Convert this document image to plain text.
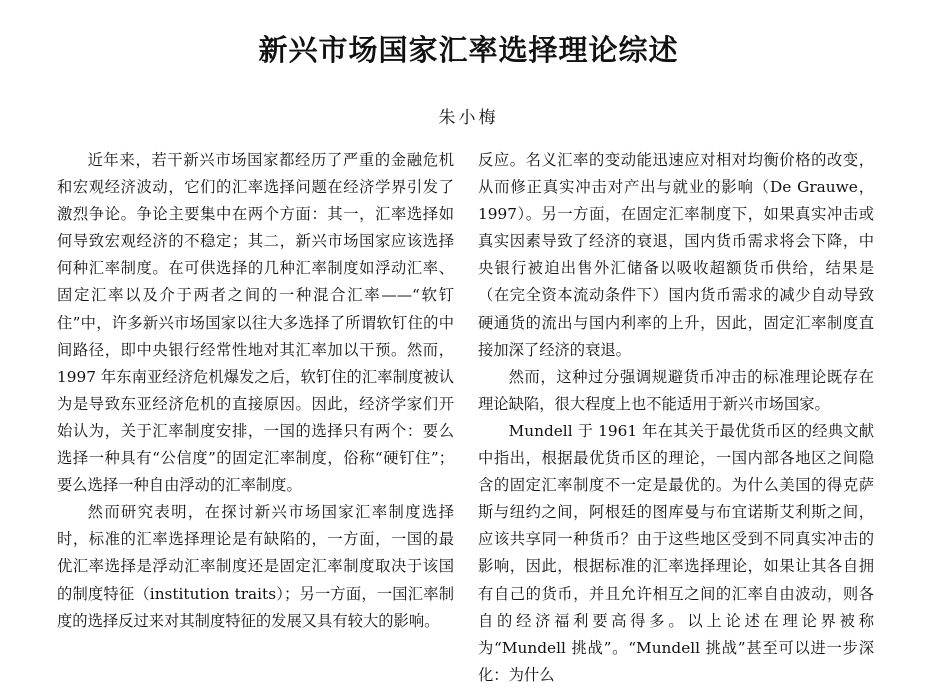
新兴市场国家汇率选择理论综述
朱小梅

近年来，若干新兴市场国家都经历了严重的金融危机和宏观经济波动，它们的汇率选择问题在经济学界引发了激烈争论。争论主要集中在两个方面：其一，汇率选择如何导致宏观经济的不稳定；其二，新兴市场国家应该选择何种汇率制度。在可供选择的几种汇率制度如浮动汇率、固定汇率以及介于两者之间的一种混合汇率——“软钉住”中，许多新兴市场国家以往大多选择了所谓软钉住的中间路径，即中央银行经常性地对其汇率加以干预。然而，1997 年东南亚经济危机爆发之后，软钉住的汇率制度被认为是导致东亚经济危机的直接原因。因此，经济学家们开始认为，关于汇率制度安排，一国的选择只有两个：要么选择一种具有“公信度”的固定汇率制度，俗称“硬钉住”；要么选择一种自由浮动的汇率制度。

然而研究表明，在探讨新兴市场国家汇率制度选择时，标准的汇率选择理论是有缺陷的，一方面，一国的最优汇率选择是浮动汇率制度还是固定汇率制度取决于该国的制度特征（institution traits）；另一方面，一国汇率制度的选择反过来对其制度特征的发展又具有较大的影响。

反应。名义汇率的变动能迅速应对相对均衡价格的改变，从而修正真实冲击对产出与就业的影响（De Grauwe，1997）。另一方面，在固定汇率制度下，如果真实冲击或真实因素导致了经济的衰退，国内货币需求将会下降，中央银行被迫出售外汇储备以吸收超额货币供给，结果是（在完全资本流动条件下）国内货币需求的减少自动导致硬通货的流出与国内利率的上升，因此，固定汇率制度直接加深了经济的衰退。

然而，这种过分强调规避货币冲击的标准理论既存在理论缺陷，很大程度上也不能适用于新兴市场国家。

Mundell 于 1961 年在其关于最优货币区的经典文献中指出，根据最优货币区的理论，一国内部各地区之间隐含的固定汇率制度不一定是最优的。为什么美国的得克萨斯与纽约之间，阿根廷的图库曼与布宜诺斯艾利斯之间，应该共享同一种货币？由于这些地区受到不同真实冲击的影响，因此，根据标准的汇率选择理论，如果让其各自拥有自己的货币，并且允许相互之间的汇率自由波动，则各自的经济福利要高得多。以上论述在理论界被称为“Mundell 挑战”。“Mundell 挑战”甚至可以进一步深化：为什么
